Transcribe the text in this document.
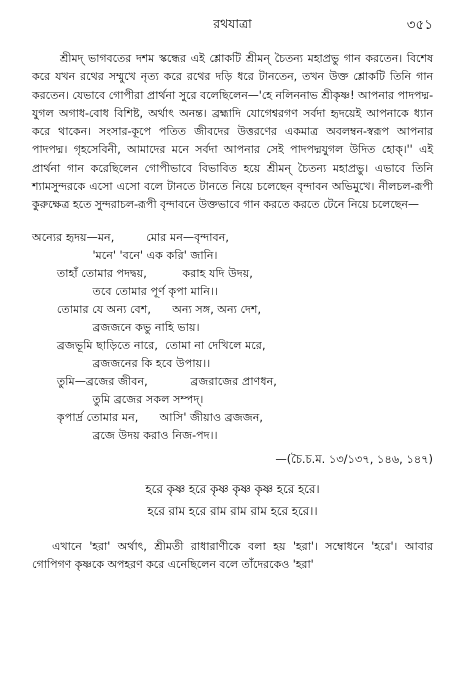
রথযাত্রা	৩৫১

শ্রীমদ্ ভাগবতের দশম স্কন্ধের এই শ্লোকটি শ্রীমন্ চৈতন্য মহাপ্রভু গান করতেন। বিশেষ করে যখন রথের সম্মুখে নৃত্য করে রথের দড়ি ধরে টানতেন, তখন উক্ত শ্লোকটি তিনি গান করতেন। যেভাবে গোপীরা প্রার্থনা সুরে বলেছিলেন—'হে নলিননাভ শ্রীকৃষ্ণ! আপনার পাদপদ্ম-যুগল অগাধ-বোধ বিশিষ্ট, অর্থাৎ অনন্ত। ব্রহ্মাদি যোগেশ্বরগণ সর্বদা হৃদয়েই আপনাকে ধ্যান করে থাকেন। সংসার-কূপে পতিত জীবদের উত্তরণের একমাত্র অবলম্বন-স্বরূপ আপনার পাদপদ্ম। গৃহসেবিনী, আমাদের মনে সর্বদা আপনার সেই পাদপদ্মযুগল উদিত হোক্।'' এই প্রার্থনা গান করেছিলেন গোপীভাবে বিভাবিত হয়ে শ্রীমন্ চৈতন্য মহাপ্রভু। এভাবে তিনি শ্যামসুন্দরকে এসো এসো বলে টানতে টানতে নিয়ে চলেছেন বৃন্দাবন অভিমুখে। নীলচল-রূপী কুরুক্ষেত্র হতে সুন্দরাচল-রূপী বৃন্দাবনে উক্তভাবে গান করতে করতে টেনে নিয়ে চলেছেন—

অন্যের হৃদয়—মন,         মোর মন—বৃন্দাবন,
'মনে' 'বনে' এক করি' জানি।
তাহাঁ তোমার পদদ্বয়,          করাহ যদি উদয়,
তবে তোমার পূর্ণ কৃপা মানি।।
তোমার যে অন্য বেশ,      অন্য সঙ্গ, অন্য দেশ,
ব্রজজনে কভু নাহি ভায়।
ব্রজভূমি ছাড়িতে নারে,  তোমা না দেখিলে মরে,
ব্রজজনের কি হবে উপায়।।
তুমি—ব্রজের জীবন,            ব্রজরাজের প্রাণধন,
তুমি ব্রজের সকল সম্পদ্।
কৃপার্দ্র তোমার মন,      আসি' জীয়াও ব্রজজন,
ব্রজে উদয় করাও নিজ-পদ।।
—(চৈ.চ.ম. ১৩/১৩৭, ১৪৬, ১৪৭)
হরে কৃষ্ণ হরে কৃষ্ণ কৃষ্ণ কৃষ্ণ হরে হরে।
হরে রাম হরে রাম রাম রাম হরে হরে।।

এখানে 'হরা' অর্থাৎ, শ্রীমতী রাধারাণীকে বলা হয় 'হরা'। সম্বোধনে 'হরে'। আবার গোপিগণ কৃষ্ণকে অপহরণ করে এনেছিলেন বলে তাঁদেরকেও 'হরা'
